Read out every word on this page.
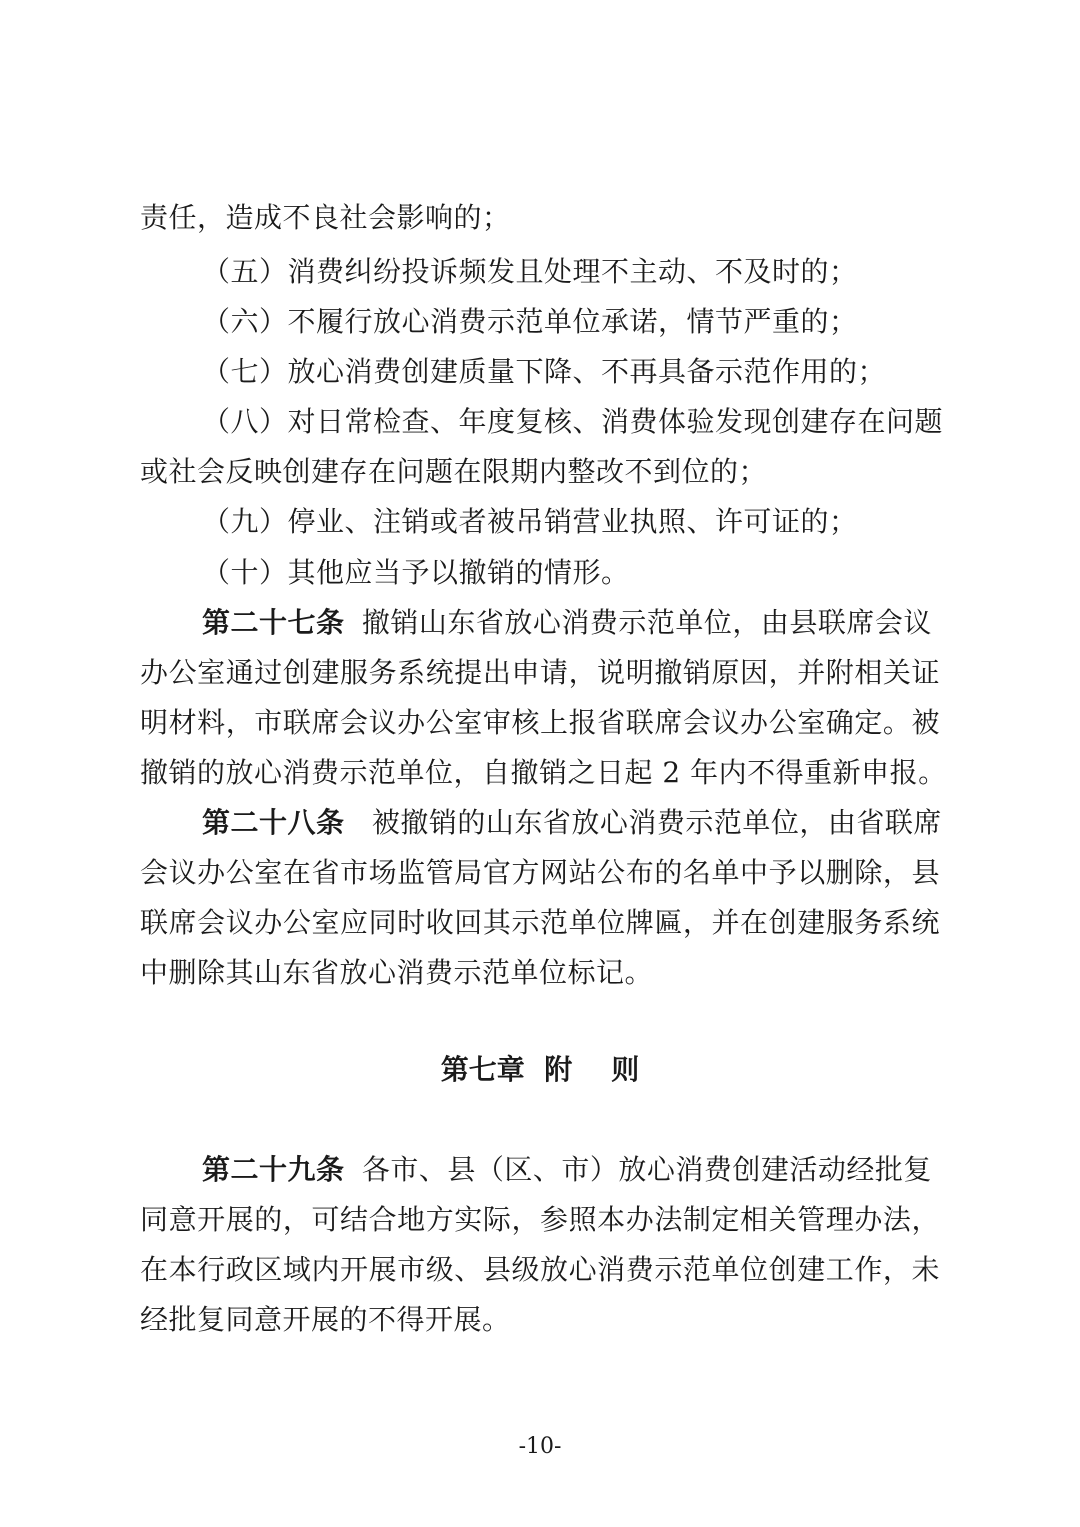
责任，造成不良社会影响的；
（五）消费纠纷投诉频发且处理不主动、不及时的；
（六）不履行放心消费示范单位承诺，情节严重的；
（七）放心消费创建质量下降、不再具备示范作用的；
（八）对日常检查、年度复核、消费体验发现创建存在问题
或社会反映创建存在问题在限期内整改不到位的；
（九）停业、注销或者被吊销营业执照、许可证的；
（十）其他应当予以撤销的情形。
第二十七条 撤销山东省放心消费示范单位，由县联席会议
办公室通过创建服务系统提出申请，说明撤销原因，并附相关证
明材料，市联席会议办公室审核上报省联席会议办公室确定。被
撤销的放心消费示范单位，自撤销之日起 2 年内不得重新申报。
第二十八条 被撤销的山东省放心消费示范单位，由省联席
会议办公室在省市场监管局官方网站公布的名单中予以删除，县
联席会议办公室应同时收回其示范单位牌匾，并在创建服务系统
中删除其山东省放心消费示范单位标记。
第七章  附    则
第二十九条 各市、县（区、市）放心消费创建活动经批复
同意开展的，可结合地方实际，参照本办法制定相关管理办法，
在本行政区域内开展市级、县级放心消费示范单位创建工作，未
经批复同意开展的不得开展。
-10-
